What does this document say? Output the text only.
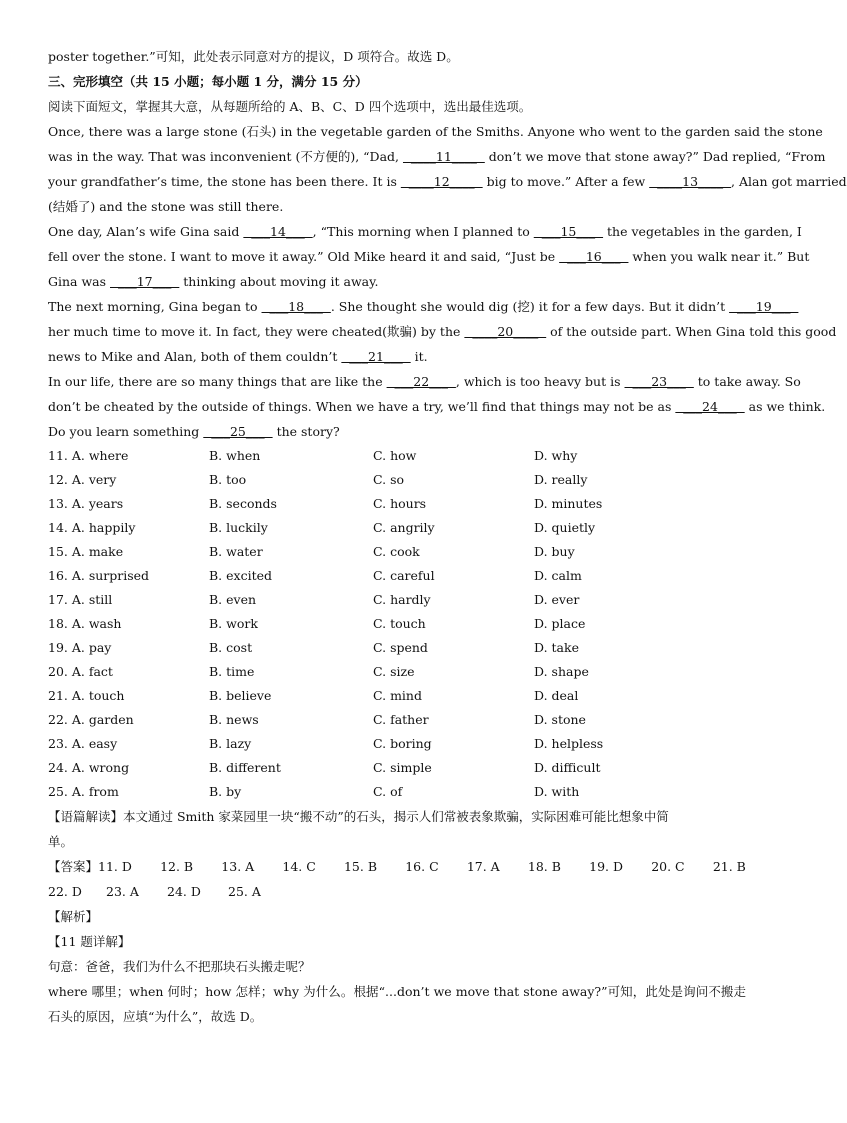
poster together.”可知，此处表示同意对方的提议，D 项符合。故选 D。
三、完形填空（共 15 小题；每小题 1 分，满分 15 分）
阅读下面短文，掌握其大意，从每题所给的 A、B、C、D 四个选项中，选出最佳选项。
Once, there was a large stone (石头) in the vegetable garden of the Smiths. Anyone who went to the garden said the stone
was in the way. That was inconvenient (不方便的), “Dad,   ____11____   don’t we move that stone away?” Dad replied, “From
your grandfather’s time, the stone has been there. It is   ____12____   big to move.” After a few   ____13____  , Alan got married
(结婚了) and the stone was still there.
One day, Alan’s wife Gina said   ___14___  , “This morning when I planned to   ___15___   the vegetables in the garden, I
fell over the stone. I want to move it away.” Old Mike heard it and said, “Just be   ___16___   when you walk near it.” But
Gina was   ___17___   thinking about moving it away.
The next morning, Gina began to   ___18___  . She thought she would dig (挖) it for a few days. But it didn’t   ___19___
her much time to move it. In fact, they were cheated(欺骗) by the   ____20____   of the outside part. When Gina told this good
news to Mike and Alan, both of them couldn’t   ___21___   it.
In our life, there are so many things that are like the   ___22___  , which is too heavy but is   ___23___   to take away. So
don’t be cheated by the outside of things. When we have a try, we’ll find that things may not be as   ___24___   as we think.
Do you learn something   ___25___   the story?
11. A. where	B. when	C. how	D. why
12. A. very	B. too	C. so	D. really
13. A. years	B. seconds	C. hours	D. minutes
14. A. happily	B. luckily	C. angrily	D. quietly
15. A. make	B. water	C. cook	D. buy
16. A. surprised	B. excited	C. careful	D. calm
17. A. still	B. even	C. hardly	D. ever
18. A. wash	B. work	C. touch	D. place
19. A. pay	B. cost	C. spend	D. take
20. A. fact	B. time	C. size	D. shape
21. A. touch	B. believe	C. mind	D. deal
22. A. garden	B. news	C. father	D. stone
23. A. easy	B. lazy	C. boring	D. helpless
24. A. wrong	B. different	C. simple	D. difficult
25. A. from	B. by	C. of	D. with
【语篇解读】本文通过 Smith 家菜园里一块“搬不动”的石头，揭示人们常被表象欺骗，实际困难可能比想象中简
单。
【答案】11. D 12. B 13. A 14. C 15. B 16. C 17. A 18. B 19. D 20. C 21. B
22. D	23. A	24. D	25. A
【解析】
【11 题详解】
句意：爸爸，我们为什么不把那块石头搬走呢？
where 哪里；when 何时；how 怎样；why 为什么。根据“...don’t we move that stone away?”可知，此处是询问不搬走
石头的原因，应填“为什么”，故选 D。
